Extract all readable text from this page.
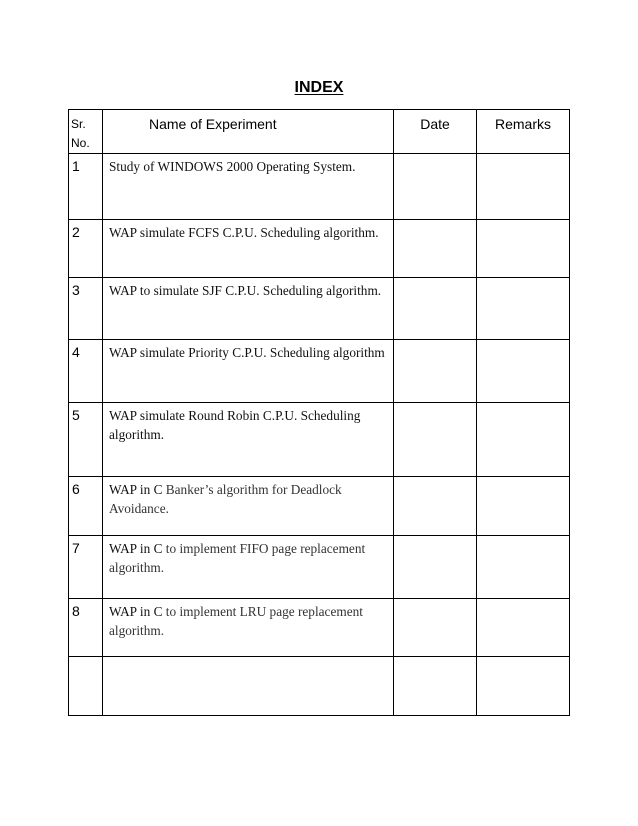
INDEX
Sr. No.	Name of Experiment	Date	Remarks
1	Study of WINDOWS 2000 Operating System.		
2	WAP simulate FCFS C.P.U. Scheduling algorithm.		
3	WAP to simulate SJF C.P.U. Scheduling algorithm.		
4	WAP simulate Priority C.P.U. Scheduling algorithm		
5	WAP simulate Round Robin C.P.U. Scheduling algorithm.		
6	WAP in C Banker’s algorithm for Deadlock Avoidance.		
7	WAP in C to implement FIFO page replacement algorithm.		
8	WAP in C to implement LRU page replacement algorithm.		
